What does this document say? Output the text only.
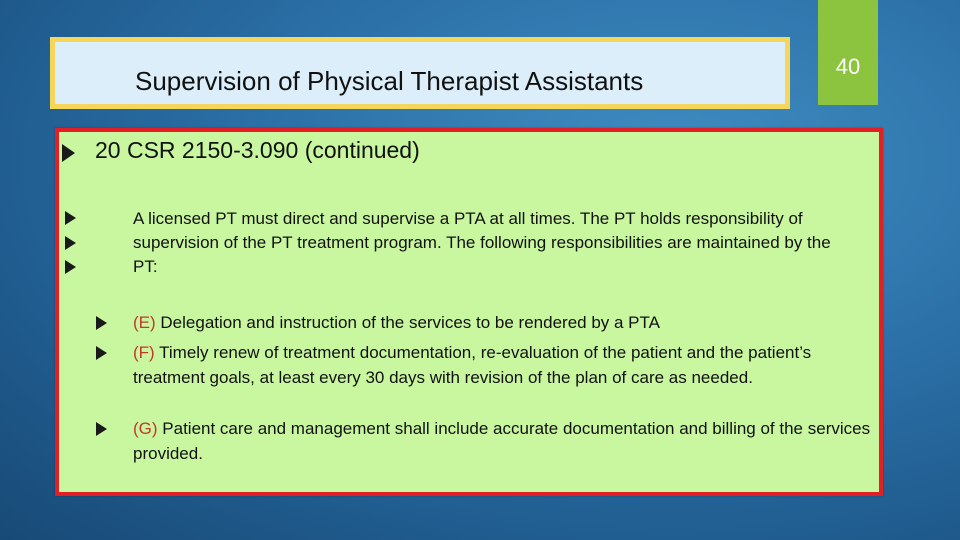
Supervision of Physical Therapist Assistants	40
20 CSR 2150-3.090 (continued)
A licensed PT must direct and supervise a PTA at all times. The PT holds responsibility of supervision of the PT treatment program. The following responsibilities are maintained by the PT:
(E) Delegation and instruction of the services to be rendered by a PTA
(F) Timely renew of treatment documentation, re-evaluation of the patient and the patient’s treatment goals, at least every 30 days with revision of the plan of care as needed.
(G) Patient care and management shall include accurate documentation and billing of the services provided.
